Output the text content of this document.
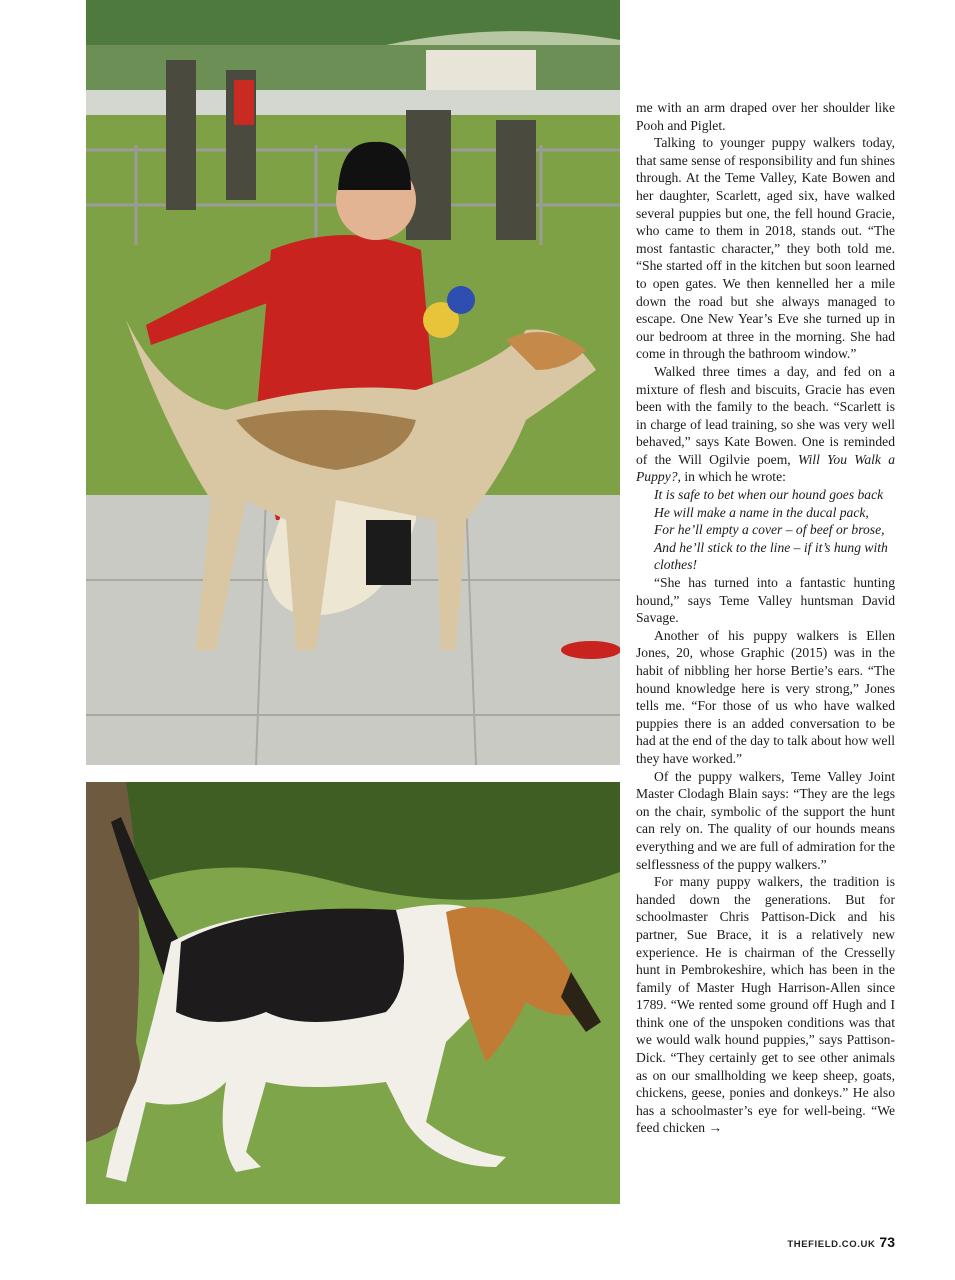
me with an arm draped over her shoulder like Pooh and Piglet.

Talking to younger puppy walkers today, that same sense of responsibility and fun shines through. At the Teme Valley, Kate Bowen and her daughter, Scarlett, aged six, have walked several puppies but one, the fell hound Gracie, who came to them in 2018, stands out. “The most fantastic character,” they both told me. “She started off in the kitchen but soon learned to open gates. We then kennelled her a mile down the road but she always managed to escape. One New Year’s Eve she turned up in our bedroom at three in the morning. She had come in through the bathroom window.”

Walked three times a day, and fed on a mixture of flesh and biscuits, Gracie has even been with the family to the beach. “Scarlett is in charge of lead training, so she was very well behaved,” says Kate Bowen. One is reminded of the Will Ogilvie poem, Will You Walk a Puppy?, in which he wrote:

It is safe to bet when our hound goes back
He will make a name in the ducal pack,
For he’ll empty a cover – of beef or brose,
And he’ll stick to the line – if it’s hung with clothes!

“She has turned into a fantastic hunting hound,” says Teme Valley huntsman David Savage.

Another of his puppy walkers is Ellen Jones, 20, whose Graphic (2015) was in the habit of nibbling her horse Bertie’s ears. “The hound knowledge here is very strong,” Jones tells me. “For those of us who have walked puppies there is an added conversation to be had at the end of the day to talk about how well they have worked.”

Of the puppy walkers, Teme Valley Joint Master Clodagh Blain says: “They are the legs on the chair, symbolic of the support the hunt can rely on. The quality of our hounds means everything and we are full of admiration for the selflessness of the puppy walkers.”

For many puppy walkers, the tradition is handed down the generations. But for schoolmaster Chris Pattison-Dick and his partner, Sue Brace, it is a relatively new experience. He is chairman of the Cresselly hunt in Pembrokeshire, which has been in the family of Master Hugh Harrison-Allen since 1789. “We rented some ground off Hugh and I think one of the unspoken conditions was that we would walk hound puppies,” says Pattison-Dick. “They certainly get to see other animals as on our smallholding we keep sheep, goats, chickens, geese, ponies and donkeys.” He also has a schoolmaster’s eye for well-being. “We feed chicken →

THEFIELD.CO.UK 73
